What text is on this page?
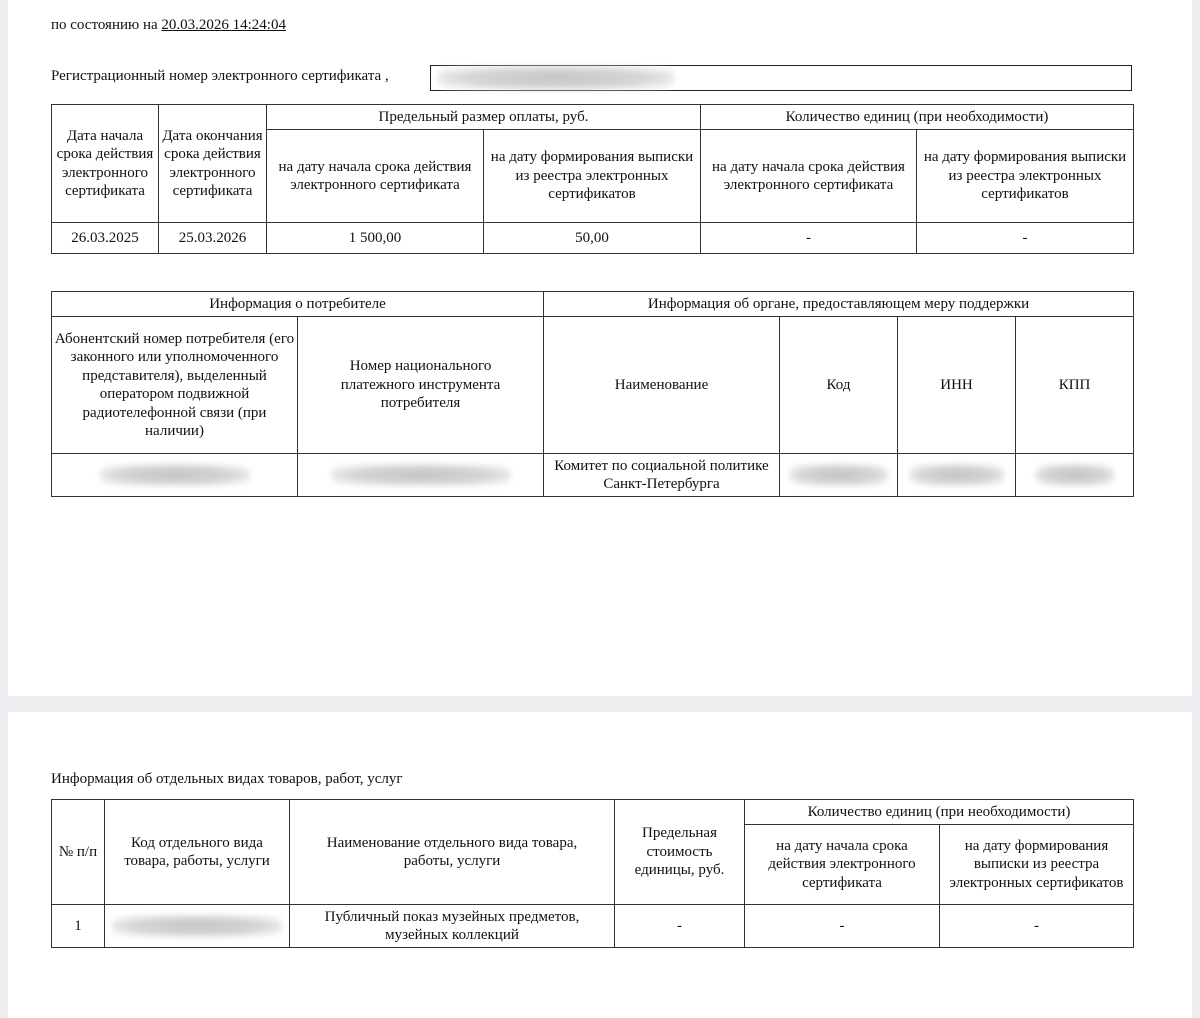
по состоянию на 20.03.2026 14:24:04
Регистрационный номер электронного сертификата ,
Дата начала срока действия электронного сертификата	Дата окончания срока действия электронного сертификата	Предельный размер оплаты, руб.		Количество единиц (при необходимости)	
		на дату начала срока действия электронного сертификата	на дату формирования выписки из реестра электронных сертификатов	на дату начала срока действия электронного сертификата	на дату формирования выписки из реестра электронных сертификатов
26.03.2025	25.03.2026	1 500,00	50,00	-	-
Информация о потребителе		Информация об органе, предоставляющем меру поддержки			
Абонентский номер потребителя (его законного или уполномоченного представителя), выделенный оператором подвижной радиотелефонной связи (при наличии)	Номер национального платежного инструмента потребителя	Наименование	Код	ИНН	КПП
		Комитет по социальной политике Санкт-Петербурга			
Информация об отдельных видах товаров, работ, услуг
№ п/п	Код отдельного вида товара, работы, услуги	Наименование отдельного вида товара, работы, услуги	Предельная стоимость единицы, руб.	Количество единиц (при необходимости)	
				на дату начала срока действия электронного сертификата	на дату формирования выписки из реестра электронных сертификатов
1		Публичный показ музейных предметов, музейных коллекций	-	-	-
